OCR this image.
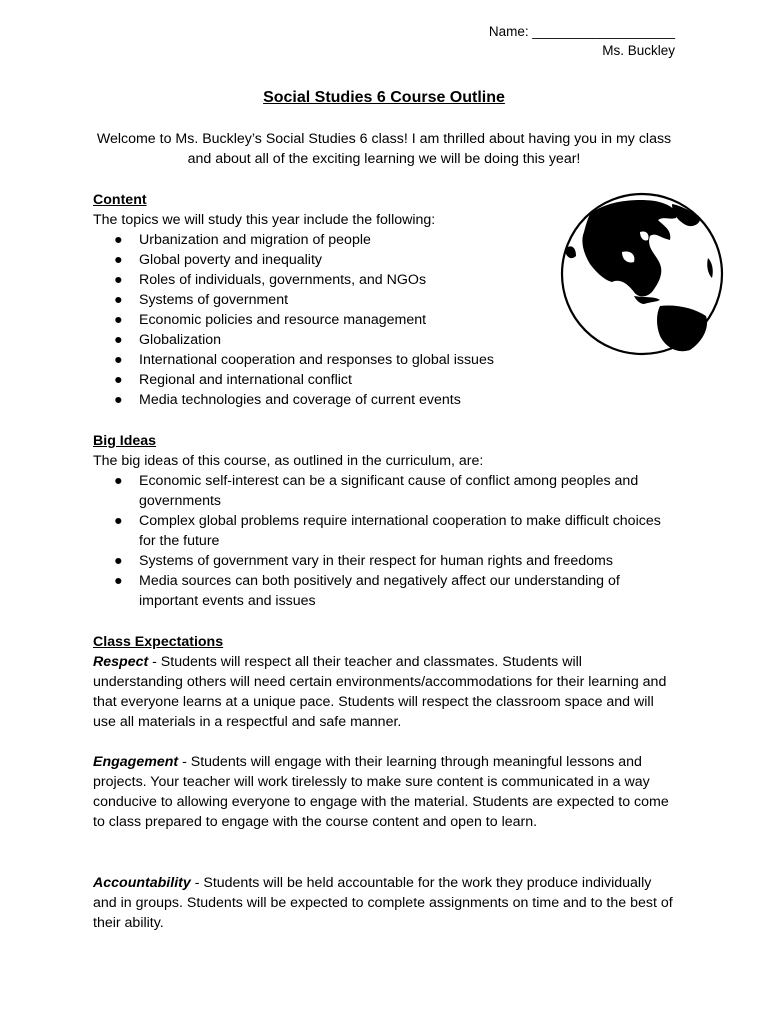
Name: ___________________
Ms. Buckley
Social Studies 6 Course Outline
Welcome to Ms. Buckley’s Social Studies 6 class! I am thrilled about having you in my class and about all of the exciting learning we will be doing this year!
Content
The topics we will study this year include the following:
● Urbanization and migration of people
● Global poverty and inequality
● Roles of individuals, governments, and NGOs
● Systems of government
● Economic policies and resource management
● Globalization
● International cooperation and responses to global issues
● Regional and international conflict
● Media technologies and coverage of current events
Big Ideas
The big ideas of this course, as outlined in the curriculum, are:
● Economic self-interest can be a significant cause of conflict among peoples and governments
● Complex global problems require international cooperation to make difficult choices for the future
● Systems of government vary in their respect for human rights and freedoms
● Media sources can both positively and negatively affect our understanding of important events and issues
Class Expectations
Respect - Students will respect all their teacher and classmates. Students will understanding others will need certain environments/accommodations for their learning and that everyone learns at a unique pace. Students will respect the classroom space and will use all materials in a respectful and safe manner.
Engagement - Students will engage with their learning through meaningful lessons and projects. Your teacher will work tirelessly to make sure content is communicated in a way conducive to allowing everyone to engage with the material. Students are expected to come to class prepared to engage with the course content and open to learn.
Accountability - Students will be held accountable for the work they produce individually and in groups. Students will be expected to complete assignments on time and to the best of their ability.
